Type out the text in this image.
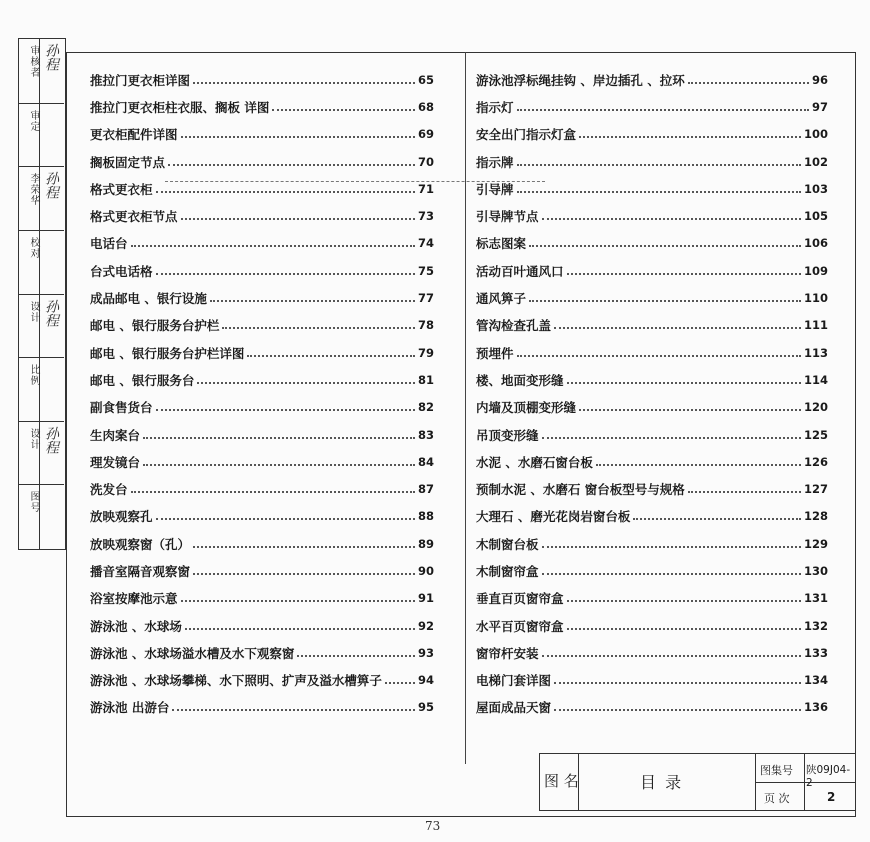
审核者 孙程
审定
李荣华 孙程
校对
设计 孙程
比例
设计 孙程
图号
推拉门更衣柜详图	65
推拉门更衣柜柱衣服、搁板 详图	68
更衣柜配件详图	69
搁板固定节点	70
格式更衣柜	71
格式更衣柜节点	73
电话台	74
台式电话格	75
成品邮电 、银行设施	77
邮电 、银行服务台护栏	78
邮电 、银行服务台护栏详图	79
邮电 、银行服务台	81
副食售货台	82
生肉案台	83
理发镜台	84
洗发台	87
放映观察孔	88
放映观察窗（孔）	89
播音室隔音观察窗	90
浴室按摩池示意	91
游泳池 、水球场	92
游泳池 、水球场溢水槽及水下观察窗	93
游泳池 、水球场攀梯、水下照明、扩声及溢水槽箅子	94
游泳池 出游台	95
游泳池浮标绳挂钩 、岸边插孔 、拉环	96
指示灯	97
安全出门指示灯盒	100
指示牌	102
引导牌	103
引导牌节点	105
标志图案	106
活动百叶通风口	109
通风箅子	110
管沟检查孔盖	111
预埋件	113
楼、地面变形缝	114
内墙及顶棚变形缝	120
吊顶变形缝	125
水泥 、水磨石窗台板	126
预制水泥 、水磨石 窗台板型号与规格	127
大理石 、磨光花岗岩窗台板	128
木制窗台板	129
木制窗帘盒	130
垂直百页窗帘盒	131
水平百页窗帘盒	132
窗帘杆安装	133
电梯门套详图	134
屋面成品天窗	136
图 名	目 录
图集号 陕09J04-2
页 次	2
73
